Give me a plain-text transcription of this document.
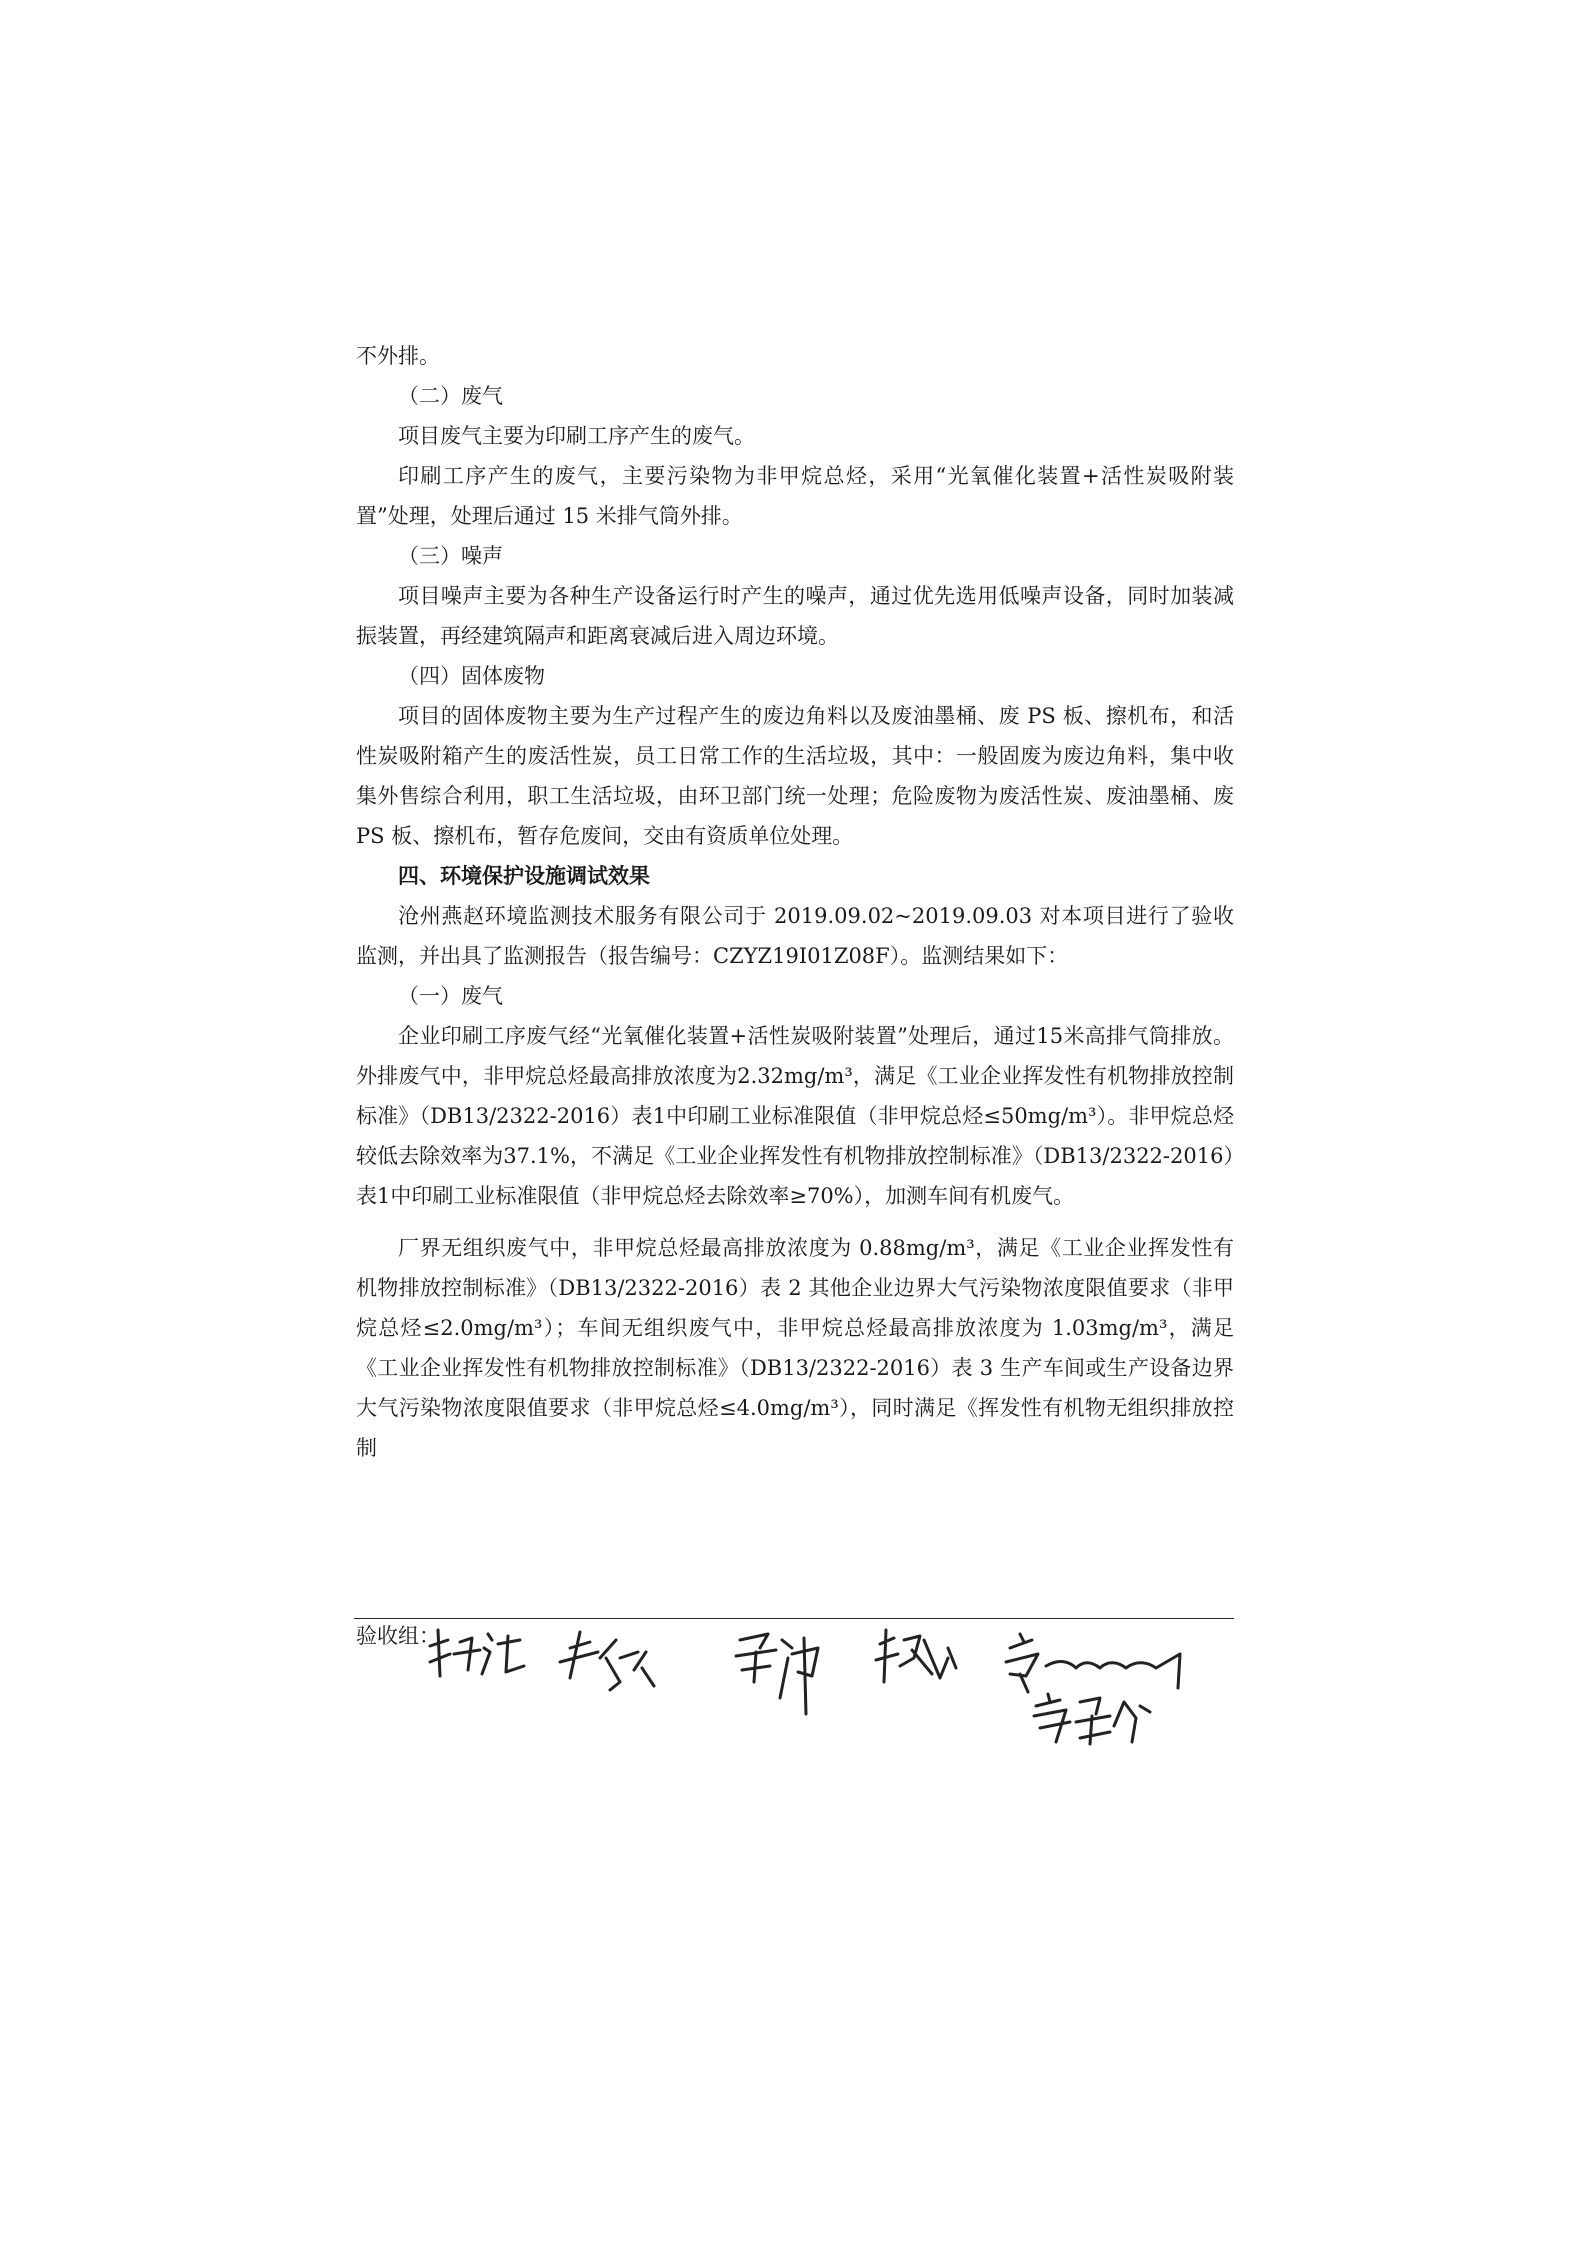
不外排。

（二）废气

项目废气主要为印刷工序产生的废气。

印刷工序产生的废气，主要污染物为非甲烷总烃，采用“光氧催化装置+活性炭吸附装置”处理，处理后通过 15 米排气筒外排。

（三）噪声

项目噪声主要为各种生产设备运行时产生的噪声，通过优先选用低噪声设备，同时加装减振装置，再经建筑隔声和距离衰减后进入周边环境。

（四）固体废物

项目的固体废物主要为生产过程产生的废边角料以及废油墨桶、废 PS 板、擦机布，和活性炭吸附箱产生的废活性炭，员工日常工作的生活垃圾，其中：一般固废为废边角料，集中收集外售综合利用，职工生活垃圾，由环卫部门统一处理；危险废物为废活性炭、废油墨桶、废 PS 板、擦机布，暂存危废间，交由有资质单位处理。

四、环境保护设施调试效果

沧州燕赵环境监测技术服务有限公司于 2019.09.02~2019.09.03 对本项目进行了验收监测，并出具了监测报告（报告编号：CZYZ19I01Z08F）。监测结果如下：

（一）废气

企业印刷工序废气经“光氧催化装置+活性炭吸附装置”处理后，通过15米高排气筒排放。外排废气中，非甲烷总烃最高排放浓度为2.32mg/m³，满足《工业企业挥发性有机物排放控制标准》（DB13/2322-2016）表1中印刷工业标准限值（非甲烷总烃≤50mg/m³）。非甲烷总烃较低去除效率为37.1%，不满足《工业企业挥发性有机物排放控制标准》（DB13/2322-2016）表1中印刷工业标准限值（非甲烷总烃去除效率≥70%），加测车间有机废气。

厂界无组织废气中，非甲烷总烃最高排放浓度为 0.88mg/m³，满足《工业企业挥发性有机物排放控制标准》（DB13/2322-2016）表 2 其他企业边界大气污染物浓度限值要求（非甲烷总烃≤2.0mg/m³）；车间无组织废气中，非甲烷总烃最高排放浓度为 1.03mg/m³，满足《工业企业挥发性有机物排放控制标准》（DB13/2322-2016）表 3 生产车间或生产设备边界大气污染物浓度限值要求（非甲烷总烃≤4.0mg/m³），同时满足《挥发性有机物无组织排放控制

验收组：
